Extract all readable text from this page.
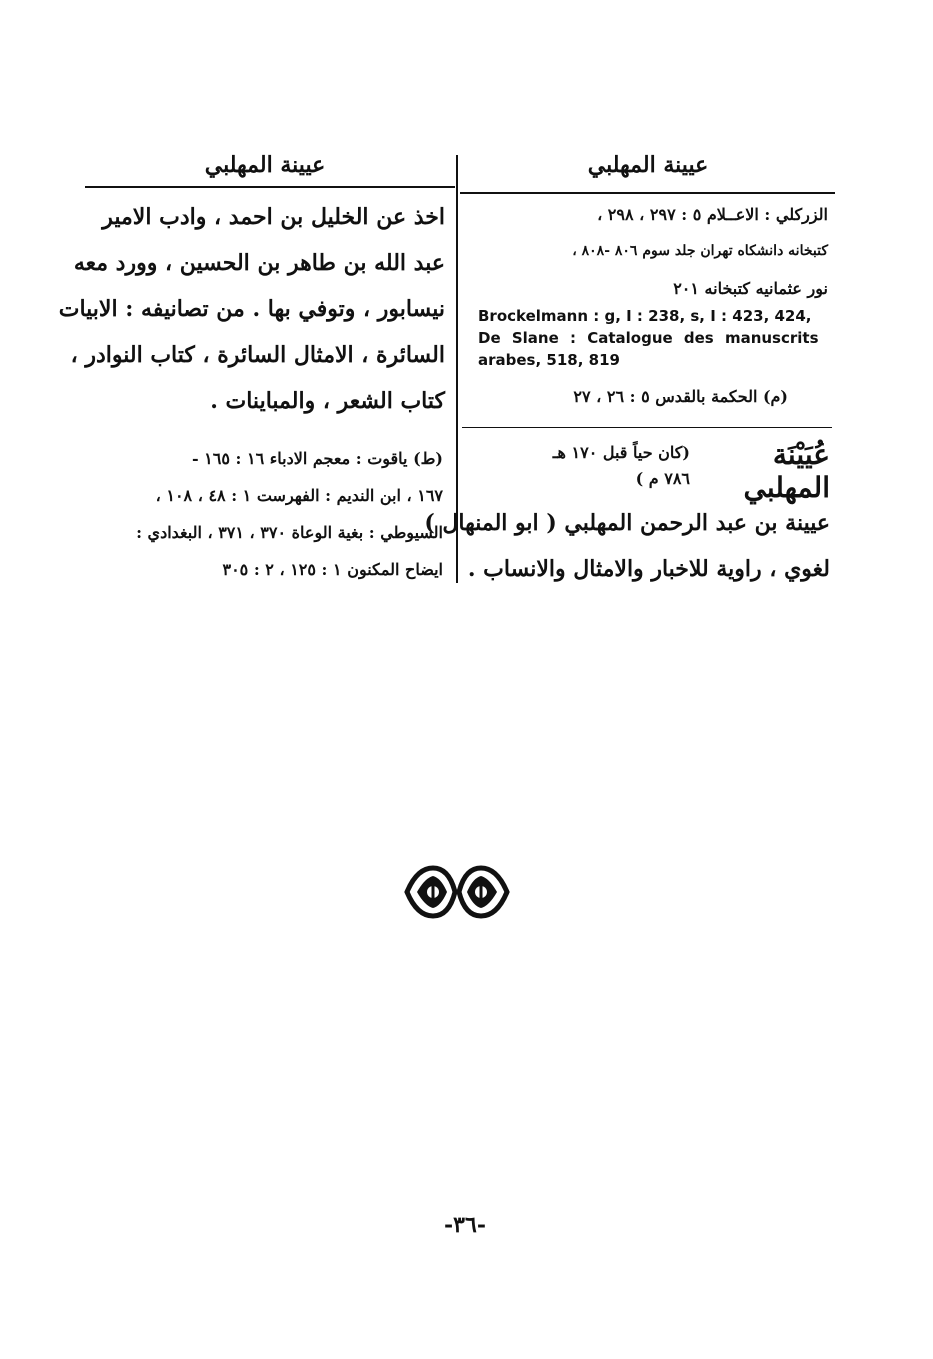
عيينة المهلبي	عيينة المهلبي
الزركلي : الاعــلام ٥ : ٢٩٧ ، ٢٩٨ ،
كتبخانه دانشكاه تهران جلد سوم ٨٠٦ -٨٠٨ ،
نور عثمانيه كتبخانه ٢٠١
Brockelmann : g, I : 238, s, I : 423, 424,
De Slane : Catalogue des manuscrits
arabes, 518, 819
(م) الحكمة بالقدس ٥ : ٢٦ ، ٢٧
عُيَيْنَة المهلبي
(كان حياً قبل ١٧٠ هـ
٧٨٦ م )
عيينة بن عبد الرحمن المهلبي ( ابو المنهال )
لغوي ، راوية للاخبار والامثال والانساب .
اخذ عن الخليل بن احمد ، وادب الامير
عبد الله بن طاهر بن الحسين ، وورد معه
نيسابور ، وتوفي بها . من تصانيفه : الابيات
السائرة ، الامثال السائرة ، كتاب النوادر ،
كتاب الشعر ، والمباينات .
(ط) ياقوت : معجم الادباء ١٦ : ١٦٥ -
١٦٧ ، ابن النديم : الفهرست ١ : ٤٨ ، ١٠٨ ،
السيوطي : بغية الوعاة ٣٧٠ ، ٣٧١ ، البغدادي :
ايضاح المكنون ١ : ١٢٥ ، ٢ : ٣٠٥
-٣٦-
